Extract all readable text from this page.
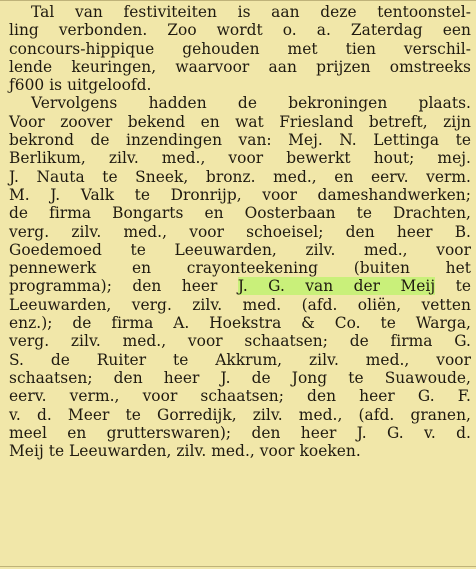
Tal van festiviteiten is aan deze tentoonstel-
ling verbonden. Zoo wordt o. a. Zaterdag een
concours-hippique gehouden met tien verschil-
lende keuringen, waarvoor aan prijzen omstreeks
ƒ600 is uitgeloofd.
Vervolgens hadden de bekroningen plaats.
Voor zoover bekend en wat Friesland betreft, zijn
bekrond de inzendingen van: Mej. N. Lettinga te
Berlikum, zilv. med., voor bewerkt hout; mej.
J. Nauta te Sneek, bronz. med., en eerv. verm.
M. J. Valk te Dronrijp, voor dameshandwerken;
de firma Bongarts en Oosterbaan te Drachten,
verg. zilv. med., voor schoeisel; den heer B.
Goedemoed te Leeuwarden, zilv. med., voor
pennewerk en crayonteekening (buiten het
programma); den heer J. G. van der Meij te
Leeuwarden, verg. zilv. med. (afd. oliën, vetten
enz.); de firma A. Hoekstra & Co. te Warga,
verg. zilv. med., voor schaatsen; de firma G.
S. de Ruiter te Akkrum, zilv. med., voor
schaatsen; den heer J. de Jong te Suawoude,
eerv. verm., voor schaatsen; den heer G. F.
v. d. Meer te Gorredijk, zilv. med., (afd. granen,
meel en grutterswaren); den heer J. G. v. d.
Meij te Leeuwarden, zilv. med., voor koeken.
